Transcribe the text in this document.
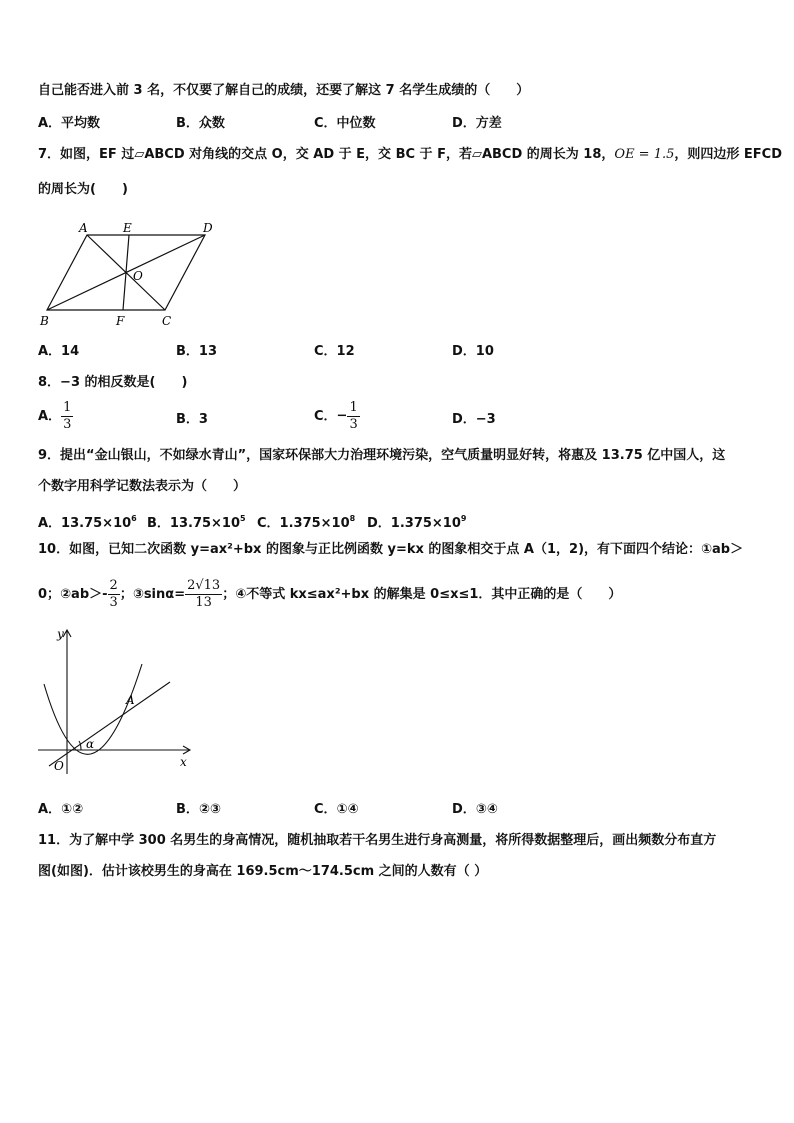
自己能否进入前 3 名，不仅要了解自己的成绩，还要了解这 7 名学生成绩的（　　）
A．平均数	B．众数	C．中位数	D．方差
7．如图，EF 过▱ABCD 对角线的交点 O，交 AD 于 E，交 BC 于 F，若▱ABCD 的周长为 18，OE = 1.5，则四边形 EFCD
的周长为(　　)
A	E	D
O
B	F	C
A．14	B．13	C．12	D．10
8．−3 的相反数是(　　)
A． $\frac{1}{3}$	B．3	C．− $\frac{1}{3}$	D．−3
9．提出“金山银山，不如绿水青山”，国家环保部大力治理环境污染，空气质量明显好转，将惠及 13.75 亿中国人，这
个数字用科学记数法表示为（　　）
A．$13.75\times 10^6$ B．$13.75\times 10^5$ C．$1.375\times 10^8$ D．$1.375\times 10^9$
10．如图，已知二次函数 y=ax²+bx 的图象与正比例函数 y=kx 的图象相交于点 A（1，2)，有下面四个结论：①ab＞
0；②ab＞- $\frac{2}{3}$ ；③sinα= $\frac{2√13}{13}$ ；④不等式 kx≤ax²+bx 的解集是 0≤x≤1．其中正确的是（　　）
y
x
O
A
α
A．①②	B．②③	C．①④	D．③④
11．为了解中学 300 名男生的身高情况，随机抽取若干名男生进行身高测量，将所得数据整理后，画出频数分布直方
图(如图)．估计该校男生的身高在 169.5cm～174.5cm 之间的人数有（ ）
